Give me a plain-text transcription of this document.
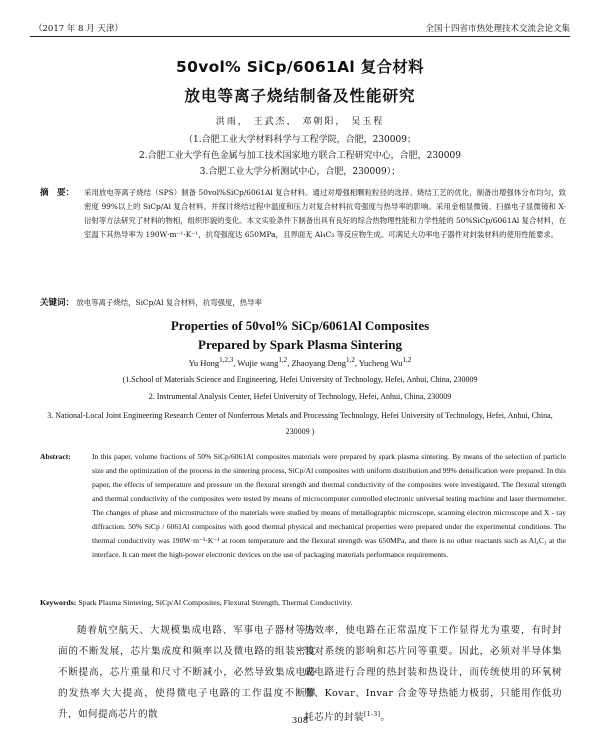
（2017 年 8 月 天津）	全国十四省市热处理技术交流会论文集
50vol% SiCp/6061Al 复合材料
放电等离子烧结制备及性能研究
洪雨， 王武杰， 邓朝阳， 吴玉程
（1.合肥工业大学材料科学与工程学院，合肥，230009；
2.合肥工业大学有色金属与加工技术国家地方联合工程研究中心，合肥，230009
3.合肥工业大学分析测试中心，合肥，230009）；
摘　要： 采用放电等离子烧结（SPS）制备 50vol%SiCp/6061Al 复合材料。通过对增强相颗粒粒径的选择、烧结工艺的优化，制备出增强体分布均匀，致密度 99%以上的 SiCp/Al 复合材料。并探讨烧结过程中温度和压力对复合材料抗弯强度与热导率的影响。采用金相显微镜、扫描电子显微镜和 X-衍射等方法研究了材料的物相，组织形貌的变化。本文实验条件下制备出具有良好的综合热物理性能和力学性能的 50%SiCp/6061Al 复合材料，在室温下其热导率为 190W·m⁻¹·K⁻¹，抗弯强度达 650MPa，且界面无 Al₄C₃ 等反应物生成。可满足大功率电子器件对封装材料的使用性能要求。
关键词： 放电等离子烧结，SiCp/Al 复合材料，抗弯强度，热导率
Properties of 50vol% SiCp/6061Al Composites
Prepared by Spark Plasma Sintering
Yu Hong$^{1,2,3}$, Wujie wang$^{1,2}$, Zhaoyang Deng$^{1,2}$, Yucheng Wu$^{1,2}$
(1.School of Materials Science and Engineering, Hefei University of Technology, Hefei, Anhui, China, 230009
2. Instrumental Analysis Center, Hefei University of Technology, Hefei, Anhui, China, 230009
3. National-Local Joint Engineering Research Center of Nonferrous Metals and Processing Technology, Hefei University of Technology, Hefei, Anhui, China, 230009 )
Abstract:	In this paper, volume fractions of 50% SiCp/6061Al composites materials were prepared by spark plasma sintering. By means of the selection of particle size and the optimization of the process in the sintering process, SiCp/Al composites with uniform distribution and 99% densification were prepared. In this paper, the effects of temperature and pressure on the flexural strength and thermal conductivity of the composites were investigated. The flexural strength and thermal conductivity of the composites were tested by means of microcomputer controlled electronic universal testing machine and laser thermometer. The changes of phase and microstructure of the materials were studied by means of metallographic microscope, scanning electron microscope and X - ray diffraction. 50% SiCp / 6061Al composites with good thermal physical and mechanical properties were prepared under the experimental conditions. The thermal conductivity was 190W·m⁻¹·K⁻¹ at room temperature and the flexural strength was 650MPa, and there is no other reactants such as Al₄C₃ at the interface. It can meet the high-power electronic devices on the use of packaging materials performance requirements.
Keywords: Spark Plasma Sintering, SiCp/Al Composites, Flexural Strength, Thermal Conductivity.
随着航空航天、大规模集成电路、军事电子器材等方面的不断发展，芯片集成度和频率以及微电路的组装密度不断提高，芯片重量和尺寸不断减小，必然导致集成电路的发热率大大提高，使得微电子电路的工作温度不断攀升，如何提高芯片的散
热效率，使电路在正常温度下工作显得尤为重要，有时封装对系统的影响和芯片同等重要。因此，必须对半导体集成电路进行合理的热封装和热设计，而传统使用的环氧树脂、Kovar、Invar 合金等导热能力极弱，只能用作低功耗芯片的封装[1-3]。
308
